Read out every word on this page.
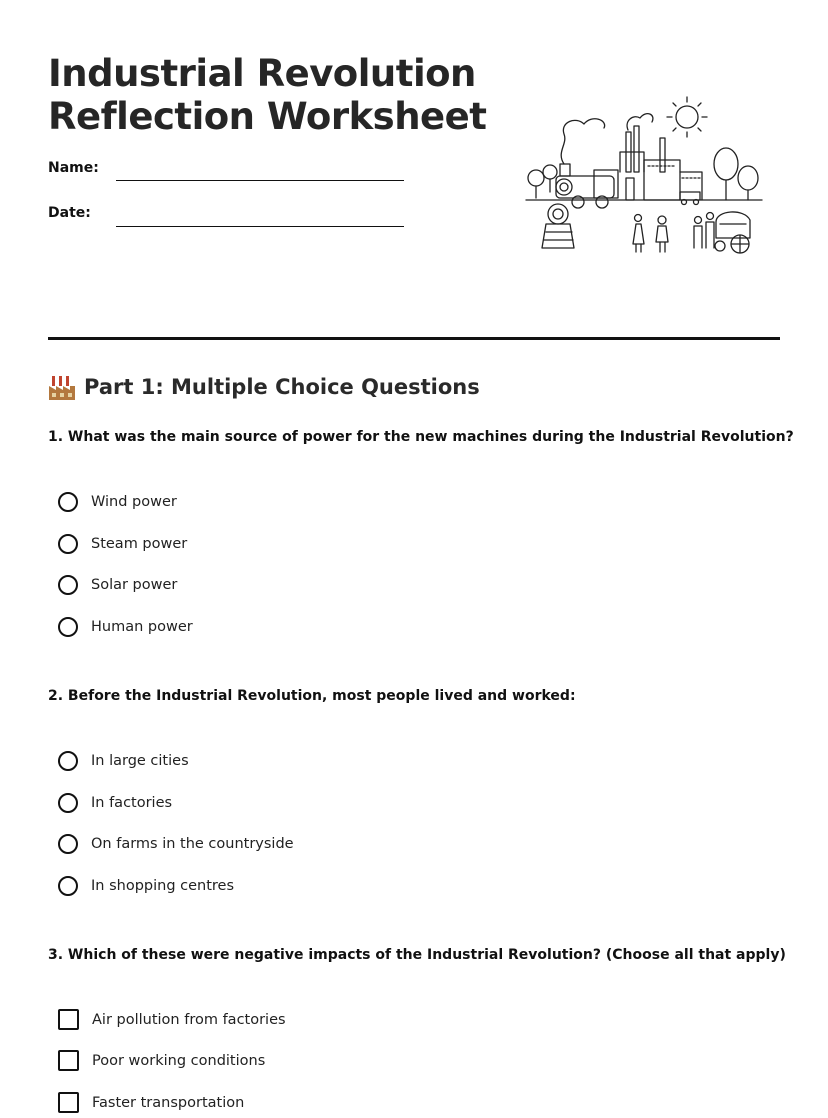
Industrial Revolution
Reflection Worksheet
Name:
Date:
Part 1: Multiple Choice Questions

1. What was the main source of power for the new machines during the Industrial Revolution?

Wind power
Steam power
Solar power
Human power

2. Before the Industrial Revolution, most people lived and worked:

In large cities
In factories
On farms in the countryside
In shopping centres

3. Which of these were negative impacts of the Industrial Revolution? (Choose all that apply)

Air pollution from factories
Poor working conditions
Faster transportation
